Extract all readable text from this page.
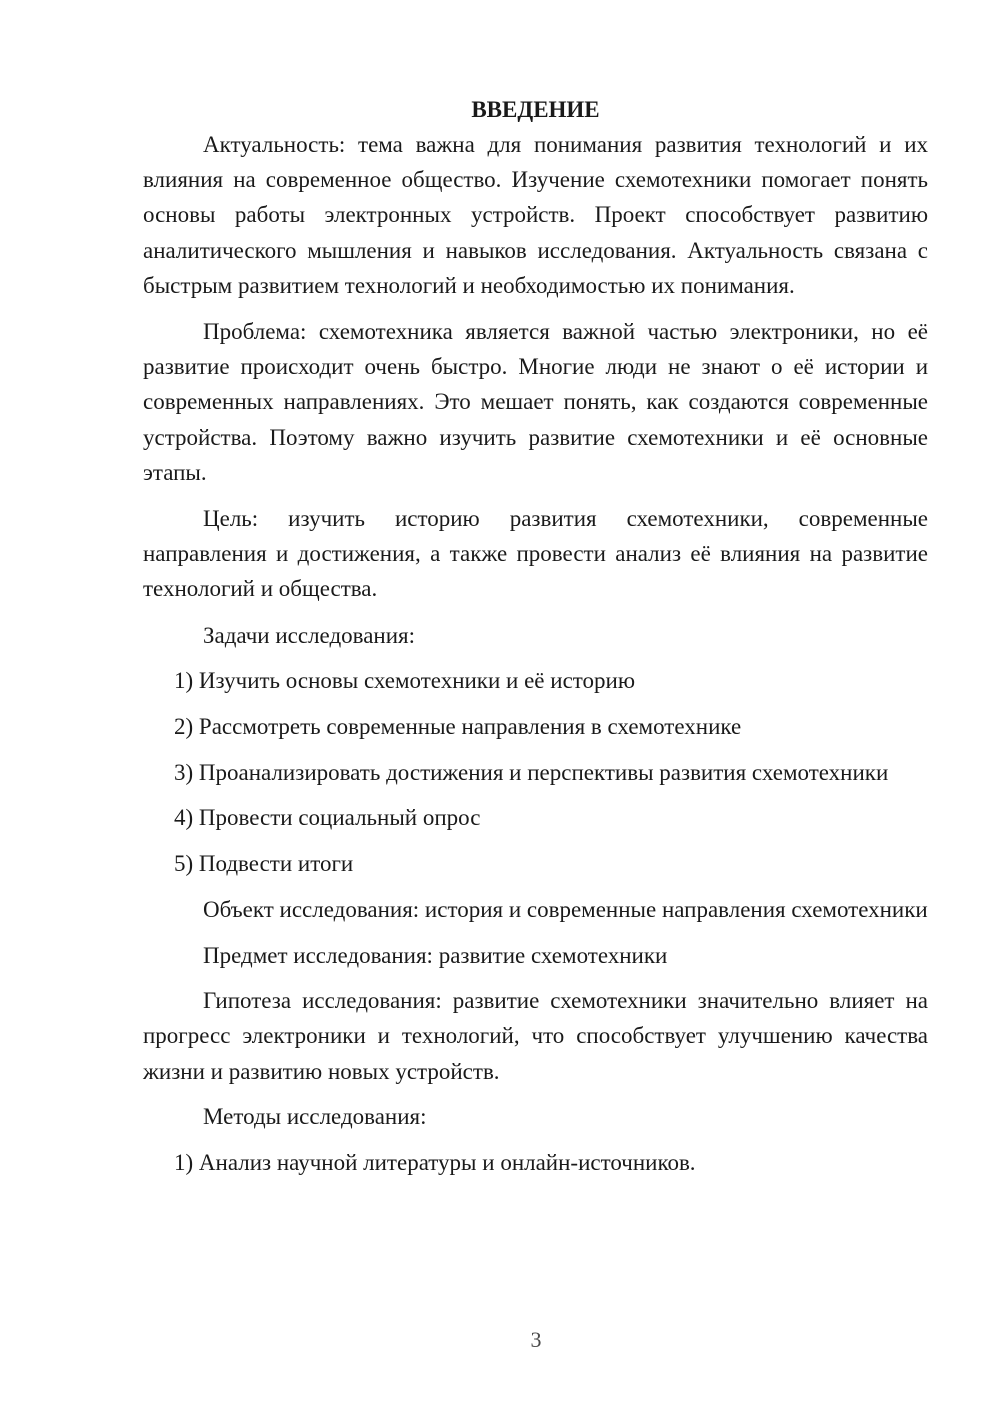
ВВЕДЕНИЕ

Актуальность: тема важна для понимания развития технологий и их влияния на современное общество. Изучение схемотехники помогает понять основы работы электронных устройств. Проект способствует развитию аналитического мышления и навыков исследования. Актуальность связана с быстрым развитием технологий и необходимостью их понимания.

Проблема: схемотехника является важной частью электроники, но её развитие происходит очень быстро. Многие люди не знают о её истории и современных направлениях. Это мешает понять, как создаются современные устройства. Поэтому важно изучить развитие схемотехники и её основные этапы.

Цель: изучить историю развития схемотехники, современные направления и достижения, а также провести анализ её влияния на развитие технологий и общества.

Задачи исследования:

1) Изучить основы схемотехники и её историю

2) Рассмотреть современные направления в схемотехнике

3) Проанализировать достижения и перспективы развития схемотехники

4) Провести социальный опрос

5) Подвести итоги

Объект исследования: история и современные направления схемотехники

Предмет исследования: развитие схемотехники

Гипотеза исследования: развитие схемотехники значительно влияет на прогресс электроники и технологий, что способствует улучшению качества жизни и развитию новых устройств.

Методы исследования:

1) Анализ научной литературы и онлайн-источников.

3
